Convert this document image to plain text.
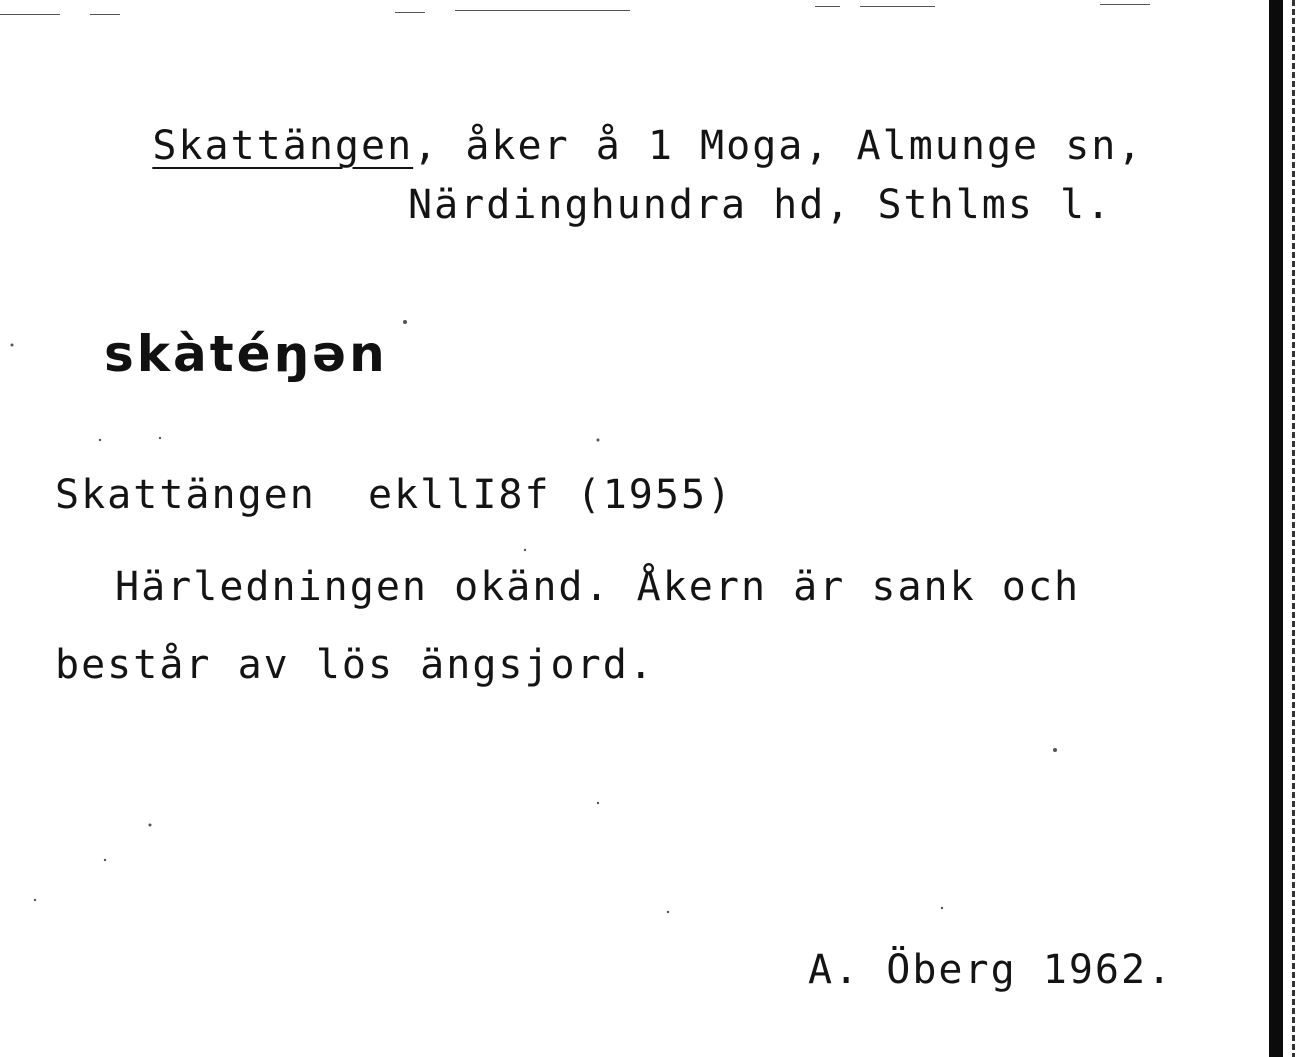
Skattängen, åker å 1 Moga, Almunge sn,

Närdinghundra hd, Sthlms l.
skàtéŋən
Skattängen  ekllI8f (1955)
Härledningen okänd. Åkern är sank och
består av lös ängsjord.
A. Öberg 1962.
